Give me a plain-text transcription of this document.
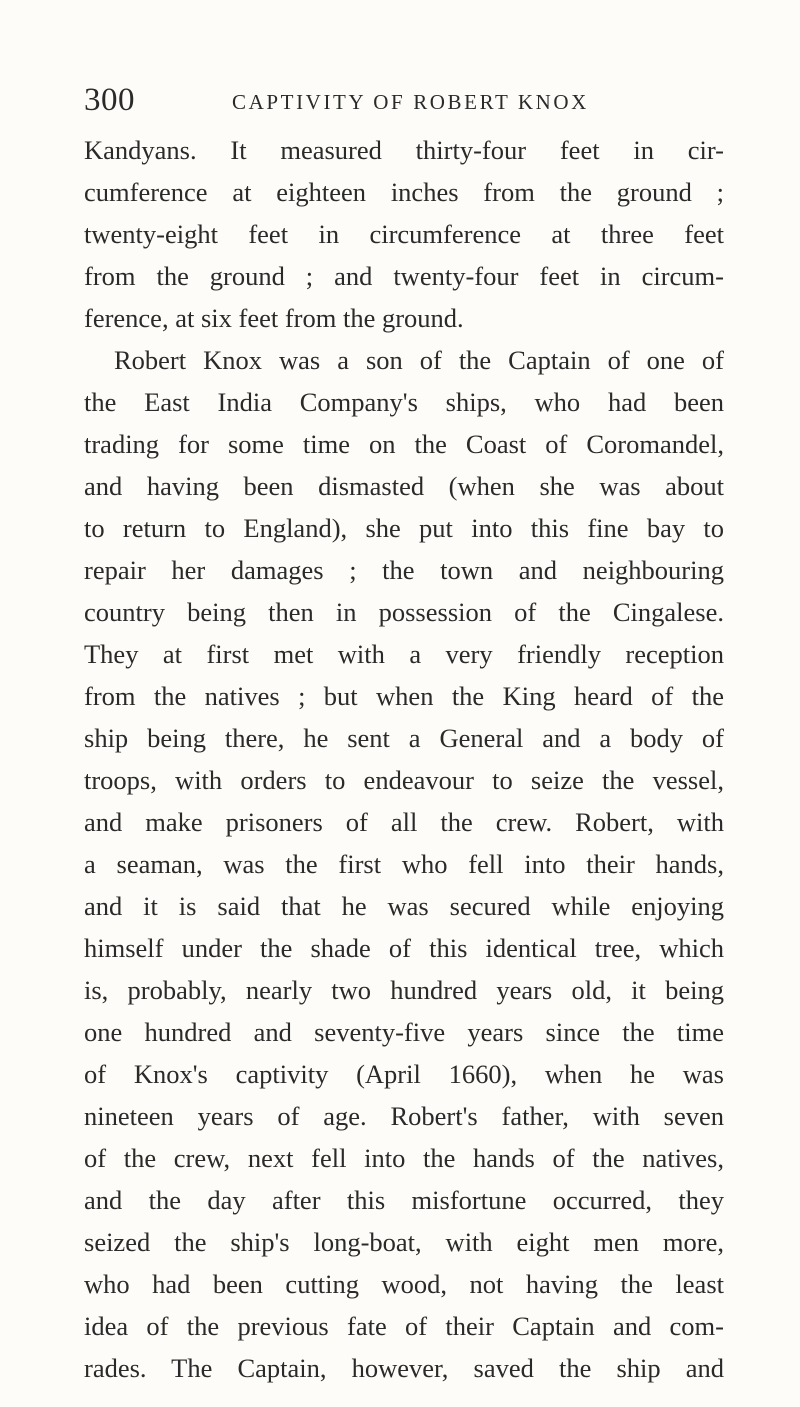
300	CAPTIVITY OF ROBERT KNOX
Kandyans. It measured thirty-four feet in cir-
cumference at eighteen inches from the ground ;
twenty-eight feet in circumference at three feet
from the ground ; and twenty-four feet in circum-
ference, at six feet from the ground.
Robert Knox was a son of the Captain of one of
the East India Company's ships, who had been
trading for some time on the Coast of Coromandel,
and having been dismasted (when she was about
to return to England), she put into this fine bay to
repair her damages ; the town and neighbouring
country being then in possession of the Cingalese.
They at first met with a very friendly reception
from the natives ; but when the King heard of the
ship being there, he sent a General and a body of
troops, with orders to endeavour to seize the vessel,
and make prisoners of all the crew. Robert, with
a seaman, was the first who fell into their hands,
and it is said that he was secured while enjoying
himself under the shade of this identical tree, which
is, probably, nearly two hundred years old, it being
one hundred and seventy-five years since the time
of Knox's captivity (April 1660), when he was
nineteen years of age. Robert's father, with seven
of the crew, next fell into the hands of the natives,
and the day after this misfortune occurred, they
seized the ship's long-boat, with eight men more,
who had been cutting wood, not having the least
idea of the previous fate of their Captain and com-
rades. The Captain, however, saved the ship and
